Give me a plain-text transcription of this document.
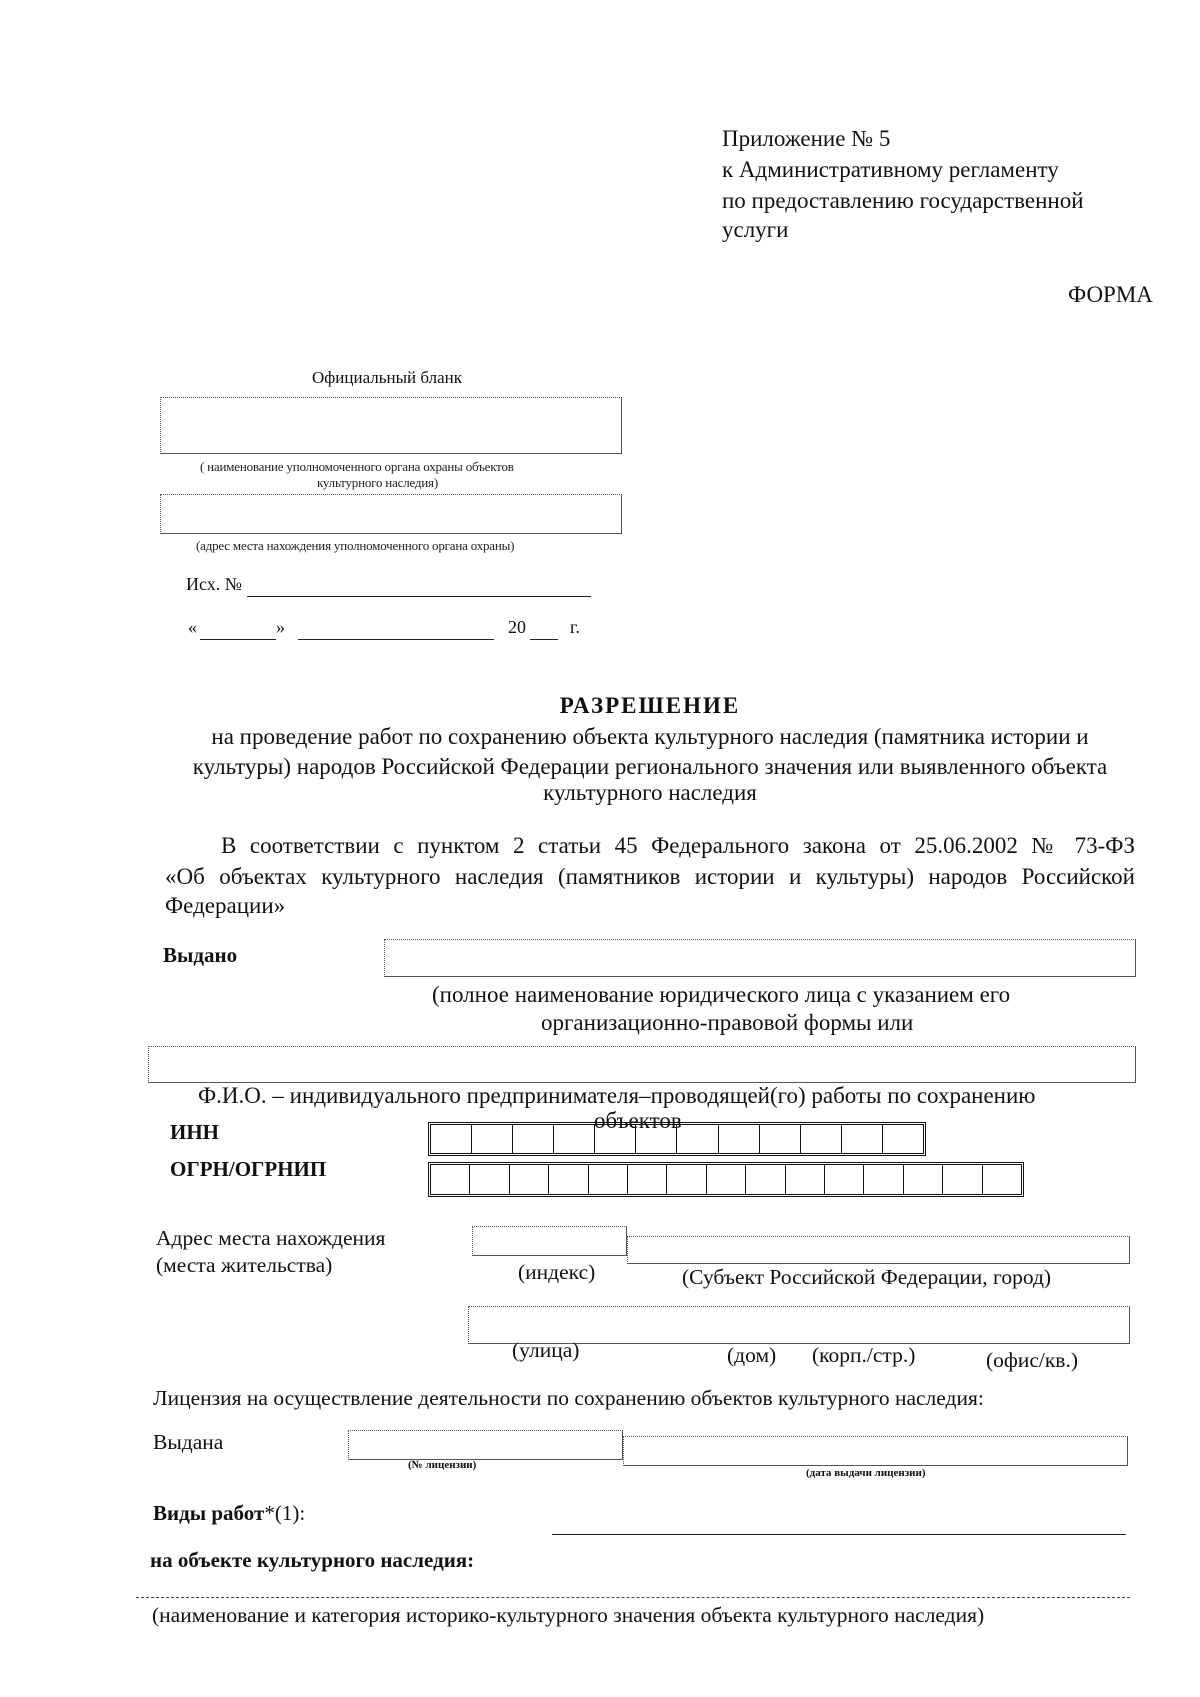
Приложение № 5
к Административному регламенту
по предоставлению государственной
услуги
ФОРМА
Официальный бланк
( наименование уполномоченного органа охраны объектов
культурного наследия)
(адрес места нахождения уполномоченного органа охраны)
Исх. №
«	»	20 г.
РАЗРЕШЕНИЕ
на проведение работ по сохранению объекта культурного наследия (памятника истории и
культуры) народов Российской Федерации регионального значения или выявленного объекта
культурного наследия
В соответствии с пунктом 2 статьи 45 Федерального закона от 25.06.2002 № 73-ФЗ
«Об объектах культурного наследия (памятников истории и культуры) народов Российской
Федерации»
Выдано
(полное наименование юридического лица с указанием его
организационно-правовой формы или
Ф.И.О. – индивидуального предпринимателя–проводящей(го) работы по сохранению
объектов
ИНН
ОГРН/ОГРНИП
Адрес места нахождения
(места жительства)	(индекс)	(Субъект Российской Федерации, город)
(улица)	(дом) (корп./стр.)	(офис/кв.)
Лицензия на осуществление деятельности по сохранению объектов культурного наследия:
Выдана
(№ лицензии)
(дата выдачи лицензии)
Виды работ*(1):
на объекте культурного наследия:
(наименование и категория историко-культурного значения объекта культурного наследия)
